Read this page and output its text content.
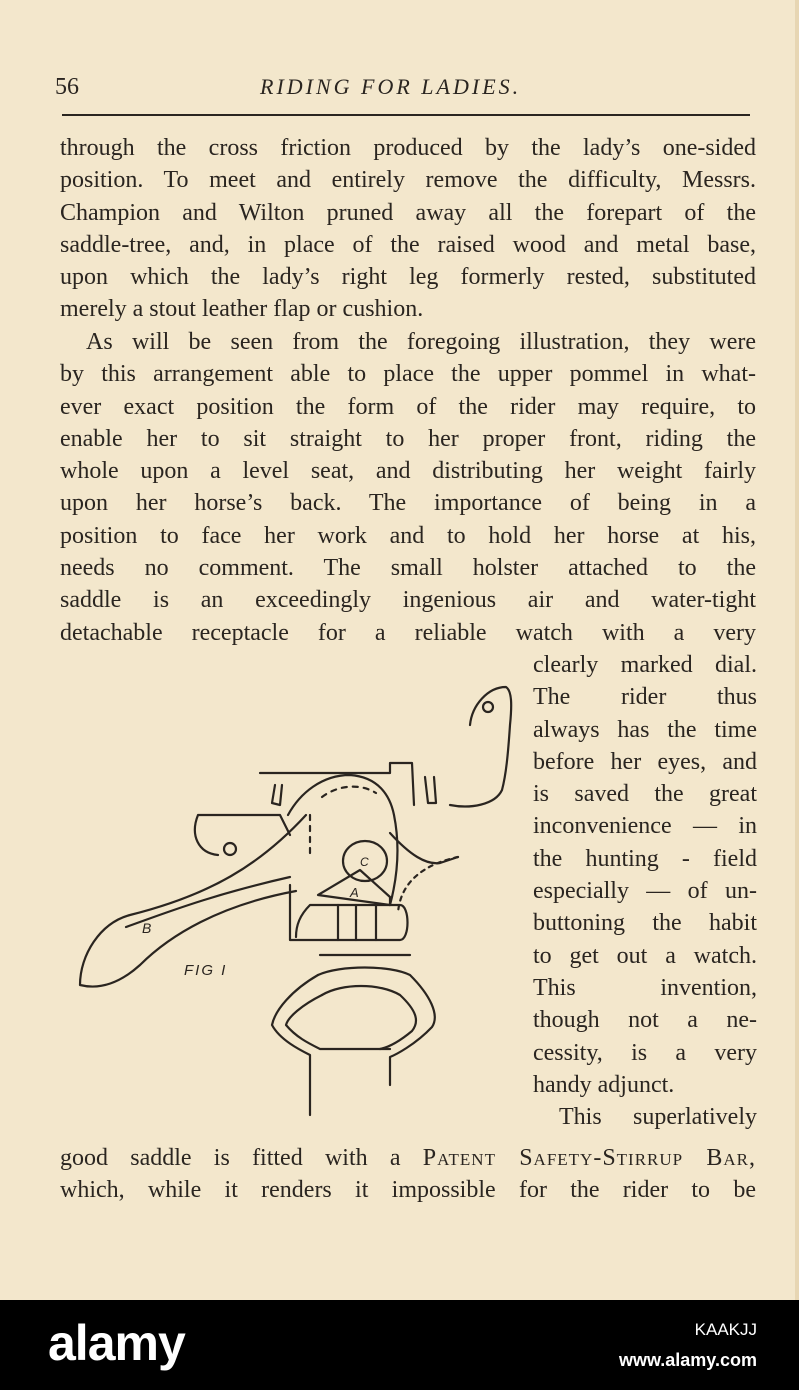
56	RIDING FOR LADIES.
through the cross friction produced by the lady’s one-sided
position. To meet and entirely remove the difficulty, Messrs.
Champion and Wilton pruned away all the forepart of the
saddle-tree, and, in place of the raised wood and metal base,
upon which the lady’s right leg formerly rested, substituted
merely a stout leather flap or cushion.
As will be seen from the foregoing illustration, they were
by this arrangement able to place the upper pommel in what-
ever exact position the form of the rider may require, to
enable her to sit straight to her proper front, riding the
whole upon a level seat, and distributing her weight fairly
upon her horse’s back. The importance of being in a
position to face her work and to hold her horse at his,
needs no comment. The small holster attached to the
saddle is an exceedingly ingenious air and water-tight
detachable receptacle for a reliable watch with a very
clearly marked dial.
The rider thus
always has the time
before her eyes, and
is saved the great
inconvenience — in
the hunting - field
especially — of un-
buttoning the habit
to get out a watch.
This invention,
though not a ne-
cessity, is a very
handy adjunct.
This superlatively
good saddle is fitted with a Patent Safety-Stirrup Bar,
which, while it renders it impossible for the rider to be
B
C
A
FIG I
alamy	KAAKJJ
www.alamy.com
